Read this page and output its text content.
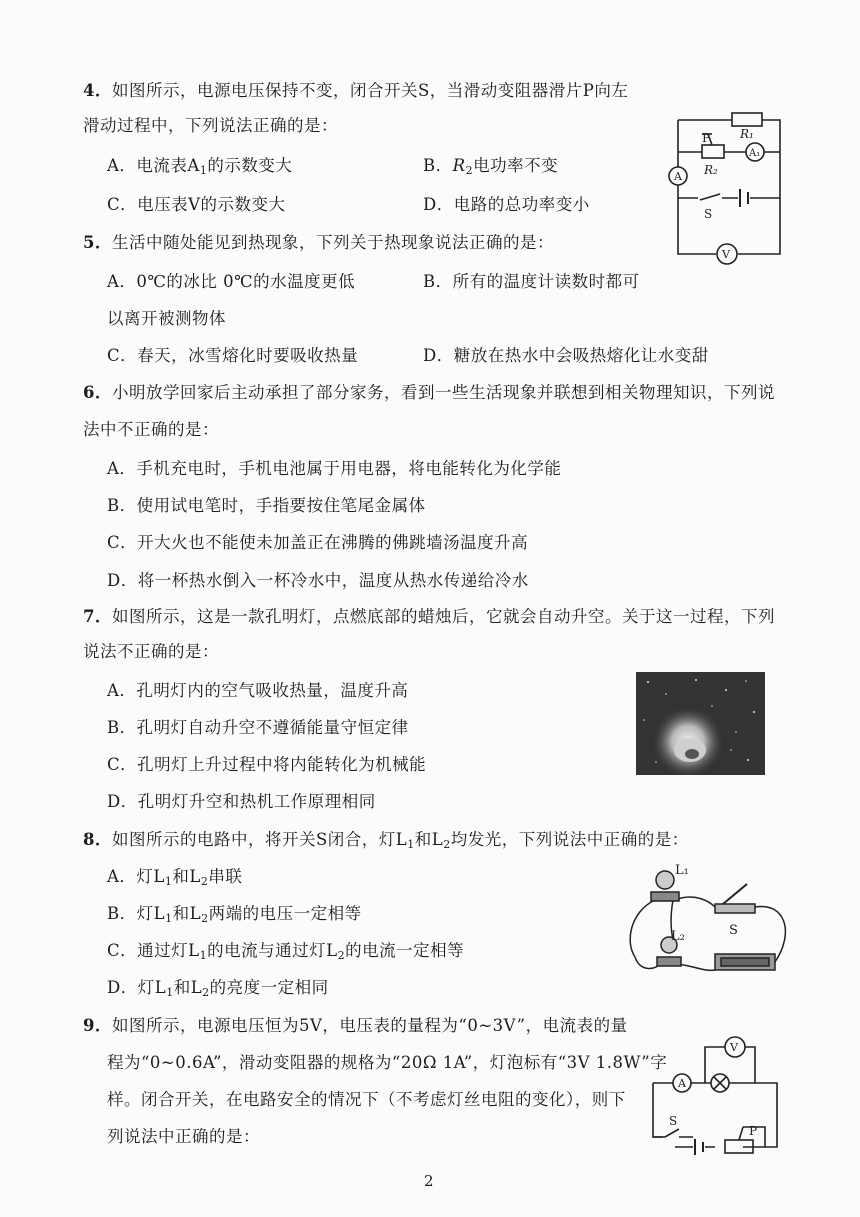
4．如图所示，电源电压保持不变，闭合开关S，当滑动变阻器滑片P向左
滑动过程中，下列说法正确的是：
A．电流表$A_1$的示数变大	B．$R_2$电功率不变
C．电压表V的示数变大	D．电路的总功率变小
R₁
R₂
P
A₁
A
S
V
5．生活中随处能见到热现象，下列关于热现象说法正确的是：
A．0℃的冰比 0℃的水温度更低	B．所有的温度计读数时都可
以离开被测物体
C．春天，冰雪熔化时要吸收热量	D．糖放在热水中会吸热熔化让水变甜
6．小明放学回家后主动承担了部分家务，看到一些生活现象并联想到相关物理知识，下列说
法中不正确的是：
A．手机充电时，手机电池属于用电器，将电能转化为化学能
B．使用试电笔时，手指要按住笔尾金属体
C．开大火也不能使未加盖正在沸腾的佛跳墙汤温度升高
D．将一杯热水倒入一杯冷水中，温度从热水传递给冷水
7．如图所示，这是一款孔明灯，点燃底部的蜡烛后，它就会自动升空。关于这一过程，下列
说法不正确的是：
A．孔明灯内的空气吸收热量，温度升高
B．孔明灯自动升空不遵循能量守恒定律
C．孔明灯上升过程中将内能转化为机械能
D．孔明灯升空和热机工作原理相同
8．如图所示的电路中，将开关S闭合，灯$L_1$和$L_2$均发光，下列说法中正确的是：
A．灯$L_1$和$L_2$串联
B．灯$L_1$和$L_2$两端的电压一定相等
C．通过灯$L_1$的电流与通过灯$L_2$的电流一定相等
D．灯$L_1$和$L_2$的亮度一定相同
L₁
L₂	S
9．如图所示，电源电压恒为5V，电压表的量程为“0~3V”，电流表的量
程为“0~0.6A”，滑动变阻器的规格为“20Ω 1A”，灯泡标有“3V 1.8W”字
样。闭合开关，在电路安全的情况下（不考虑灯丝电阻的变化），则下
列说法中正确的是：
V
A
S
P
2
